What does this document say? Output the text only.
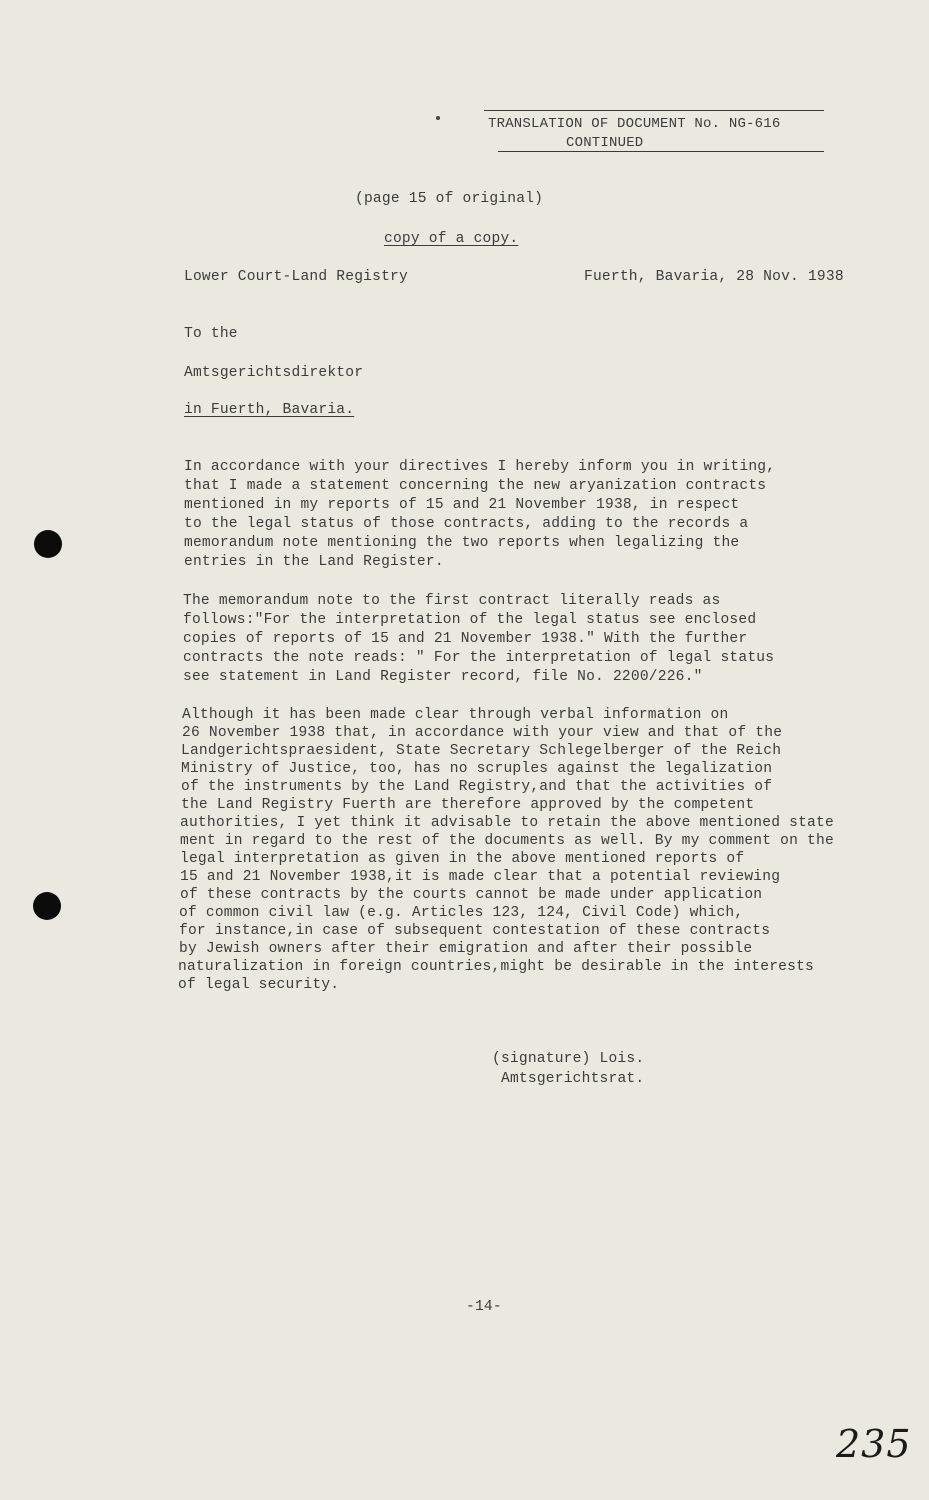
TRANSLATION OF DOCUMENT No. NG-616
CONTINUED
(page 15 of original)
copy of a copy.
Lower Court-Land Registry	Fuerth, Bavaria, 28 Nov. 1938
To the
Amtsgerichtsdirektor
in Fuerth, Bavaria.
In accordance with your directives I hereby inform you in writing,
that I made a statement concerning the new aryanization contracts
mentioned in my reports of 15 and 21 November 1938, in respect
to the legal status of those contracts, adding to the records a
memorandum note mentioning the two reports when legalizing the
entries in the Land Register.
The memorandum note to the first contract literally reads as
follows:"For the interpretation of the legal status see enclosed
copies of reports of 15 and 21 November 1938." With the further
contracts the note reads: " For the interpretation of legal status
see statement in Land Register record, file No. 2200/226."
Although it has been made clear through verbal information on
26 November 1938 that, in accordance with your view and that of the
Landgerichtspraesident, State Secretary Schlegelberger of the Reich
Ministry of Justice, too, has no scruples against the legalization
of the instruments by the Land Registry,and that the activities of
the Land Registry Fuerth are therefore approved by the competent
authorities, I yet think it advisable to retain the above mentioned state
ment in regard to the rest of the documents as well. By my comment on the
legal interpretation as given in the above mentioned reports of
15 and 21 November 1938,it is made clear that a potential reviewing
of these contracts by the courts cannot be made under application
of common civil law (e.g. Articles 123, 124, Civil Code) which,
for instance,in case of subsequent contestation of these contracts
by Jewish owners after their emigration and after their possible
naturalization in foreign countries,might be desirable in the interests
of legal security.
(signature) Lois.
Amtsgerichtsrat.
-14-
235
